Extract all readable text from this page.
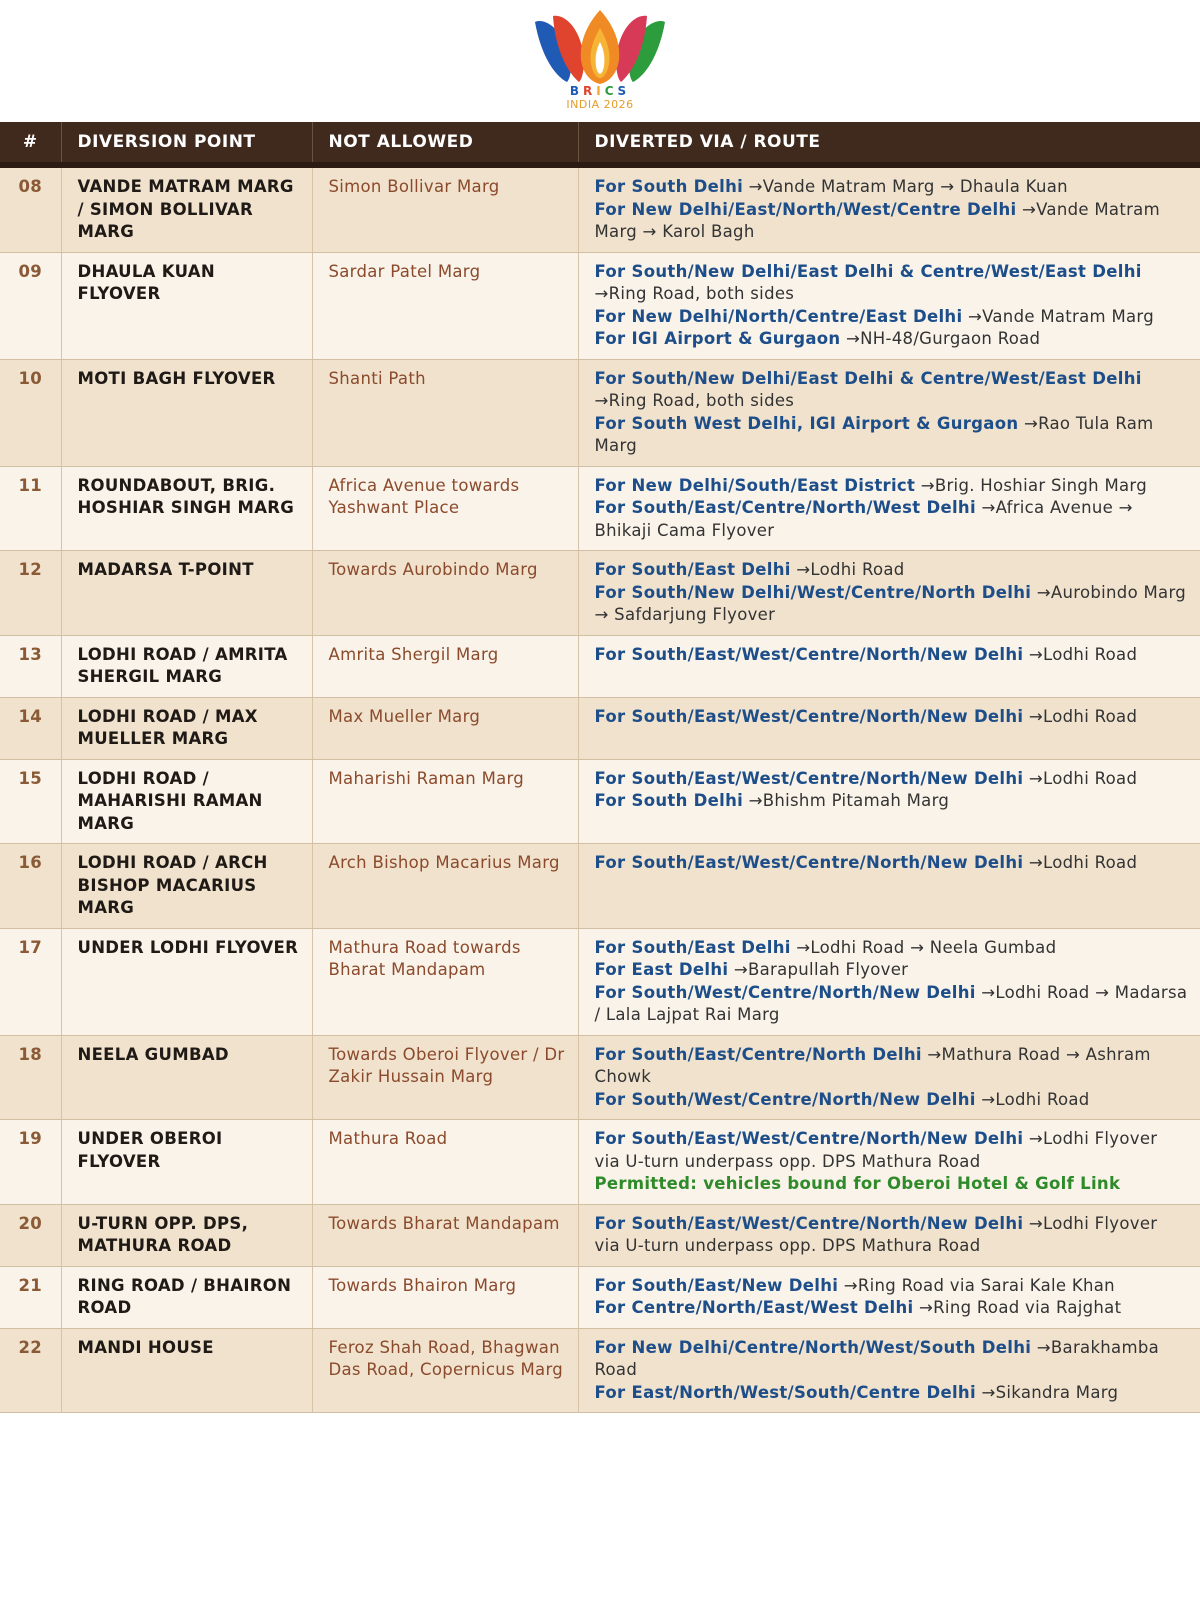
BRICS
INDIA 2026
#	DIVERSION POINT	NOT ALLOWED	DIVERTED VIA / ROUTE
08	VANDE MATRAM MARG / SIMON BOLLIVAR MARG	Simon Bollivar Marg	For South Delhi →Vande Matram Marg → Dhaula Kuan
For New Delhi/East/North/West/Centre Delhi →Vande Matram Marg → Karol Bagh

09	DHAULA KUAN FLYOVER	Sardar Patel Marg	For South/New Delhi/East Delhi & Centre/West/East Delhi →Ring Road, both sides
For New Delhi/North/Centre/East Delhi →Vande Matram Marg
For IGI Airport & Gurgaon →NH-48/Gurgaon Road

10	MOTI BAGH FLYOVER	Shanti Path	For South/New Delhi/East Delhi & Centre/West/East Delhi →Ring Road, both sides
For South West Delhi, IGI Airport & Gurgaon →Rao Tula Ram Marg

11	ROUNDABOUT, BRIG. HOSHIAR SINGH MARG	Africa Avenue towards Yashwant Place	For New Delhi/South/East District →Brig. Hoshiar Singh Marg
For South/East/Centre/North/West Delhi →Africa Avenue → Bhikaji Cama Flyover

12	MADARSA T-POINT	Towards Aurobindo Marg	For South/East Delhi →Lodhi Road
For South/New Delhi/West/Centre/North Delhi →Aurobindo Marg → Safdarjung Flyover

13	LODHI ROAD / AMRITA SHERGIL MARG	Amrita Shergil Marg	For South/East/West/Centre/North/New Delhi →Lodhi Road

14	LODHI ROAD / MAX MUELLER MARG	Max Mueller Marg	For South/East/West/Centre/North/New Delhi →Lodhi Road

15	LODHI ROAD / MAHARISHI RAMAN MARG	Maharishi Raman Marg	For South/East/West/Centre/North/New Delhi →Lodhi Road
For South Delhi →Bhishm Pitamah Marg

16	LODHI ROAD / ARCH BISHOP MACARIUS MARG	Arch Bishop Macarius Marg	For South/East/West/Centre/North/New Delhi →Lodhi Road

17	UNDER LODHI FLYOVER	Mathura Road towards Bharat Mandapam	For South/East Delhi →Lodhi Road → Neela Gumbad
For East Delhi →Barapullah Flyover
For South/West/Centre/North/New Delhi →Lodhi Road → Madarsa / Lala Lajpat Rai Marg

18	NEELA GUMBAD	Towards Oberoi Flyover / Dr Zakir Hussain Marg	For South/East/Centre/North Delhi →Mathura Road → Ashram Chowk
For South/West/Centre/North/New Delhi →Lodhi Road

19	UNDER OBEROI FLYOVER	Mathura Road	For South/East/West/Centre/North/New Delhi →Lodhi Flyover via U-turn underpass opp. DPS Mathura Road
Permitted: vehicles bound for Oberoi Hotel & Golf Link

20	U-TURN OPP. DPS, MATHURA ROAD	Towards Bharat Mandapam	For South/East/West/Centre/North/New Delhi →Lodhi Flyover via U-turn underpass opp. DPS Mathura Road

21	RING ROAD / BHAIRON ROAD	Towards Bhairon Marg	For South/East/New Delhi →Ring Road via Sarai Kale Khan
For Centre/North/East/West Delhi →Ring Road via Rajghat

22	MANDI HOUSE	Feroz Shah Road, Bhagwan Das Road, Copernicus Marg	For New Delhi/Centre/North/West/South Delhi →Barakhamba Road
For East/North/West/South/Centre Delhi →Sikandra Marg
